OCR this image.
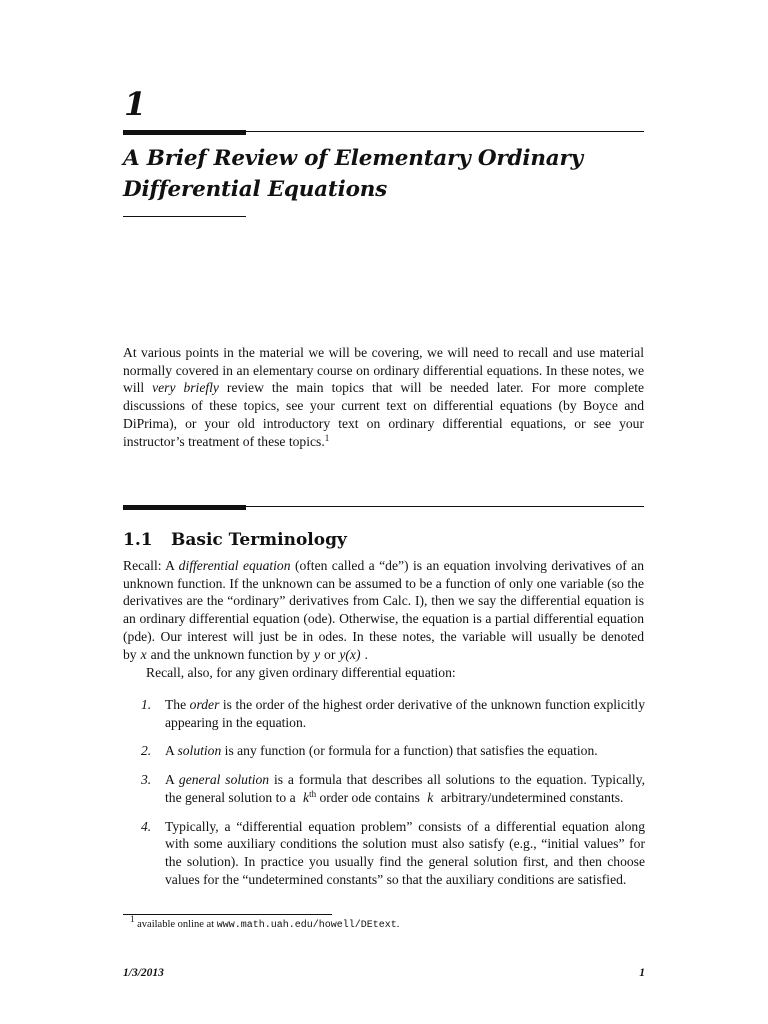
1
A Brief Review of Elementary Ordinary Differential Equations

At various points in the material we will be covering, we will need to recall and use material normally covered in an elementary course on ordinary differential equations. In these notes, we will very briefly review the main topics that will be needed later. For more complete discussions of these topics, see your current text on differential equations (by Boyce and DiPrima), or your old introductory text on ordinary differential equations, or see your instructor’s treatment of these topics.$^1$

1.1 Basic Terminology

Recall: A differential equation (often called a “de”) is an equation involving derivatives of an unknown function. If the unknown can be assumed to be a function of only one variable (so the derivatives are the “ordinary” derivatives from Calc. I), then we say the differential equation is an ordinary differential equation (ode). Otherwise, the equation is a partial differential equation (pde). Our interest will just be in odes. In these notes, the variable will usually be denoted by x and the unknown function by y or y(x) .

Recall, also, for any given ordinary differential equation:

1. The order is the order of the highest order derivative of the unknown function explicitly appearing in the equation.
2. A solution is any function (or formula for a function) that satisfies the equation.
3. A general solution is a formula that describes all solutions to the equation. Typically, the general solution to a $k^{th}$ order ode contains k arbitrary/undetermined constants.
4. Typically, a “differential equation problem” consists of a differential equation along with some auxiliary conditions the solution must also satisfy (e.g., “initial values” for the solution). In practice you usually find the general solution first, and then choose values for the “undetermined constants” so that the auxiliary conditions are satisfied.
$^1$ available online at www.math.uah.edu/howell/DEtext.
1/3/2013	1
